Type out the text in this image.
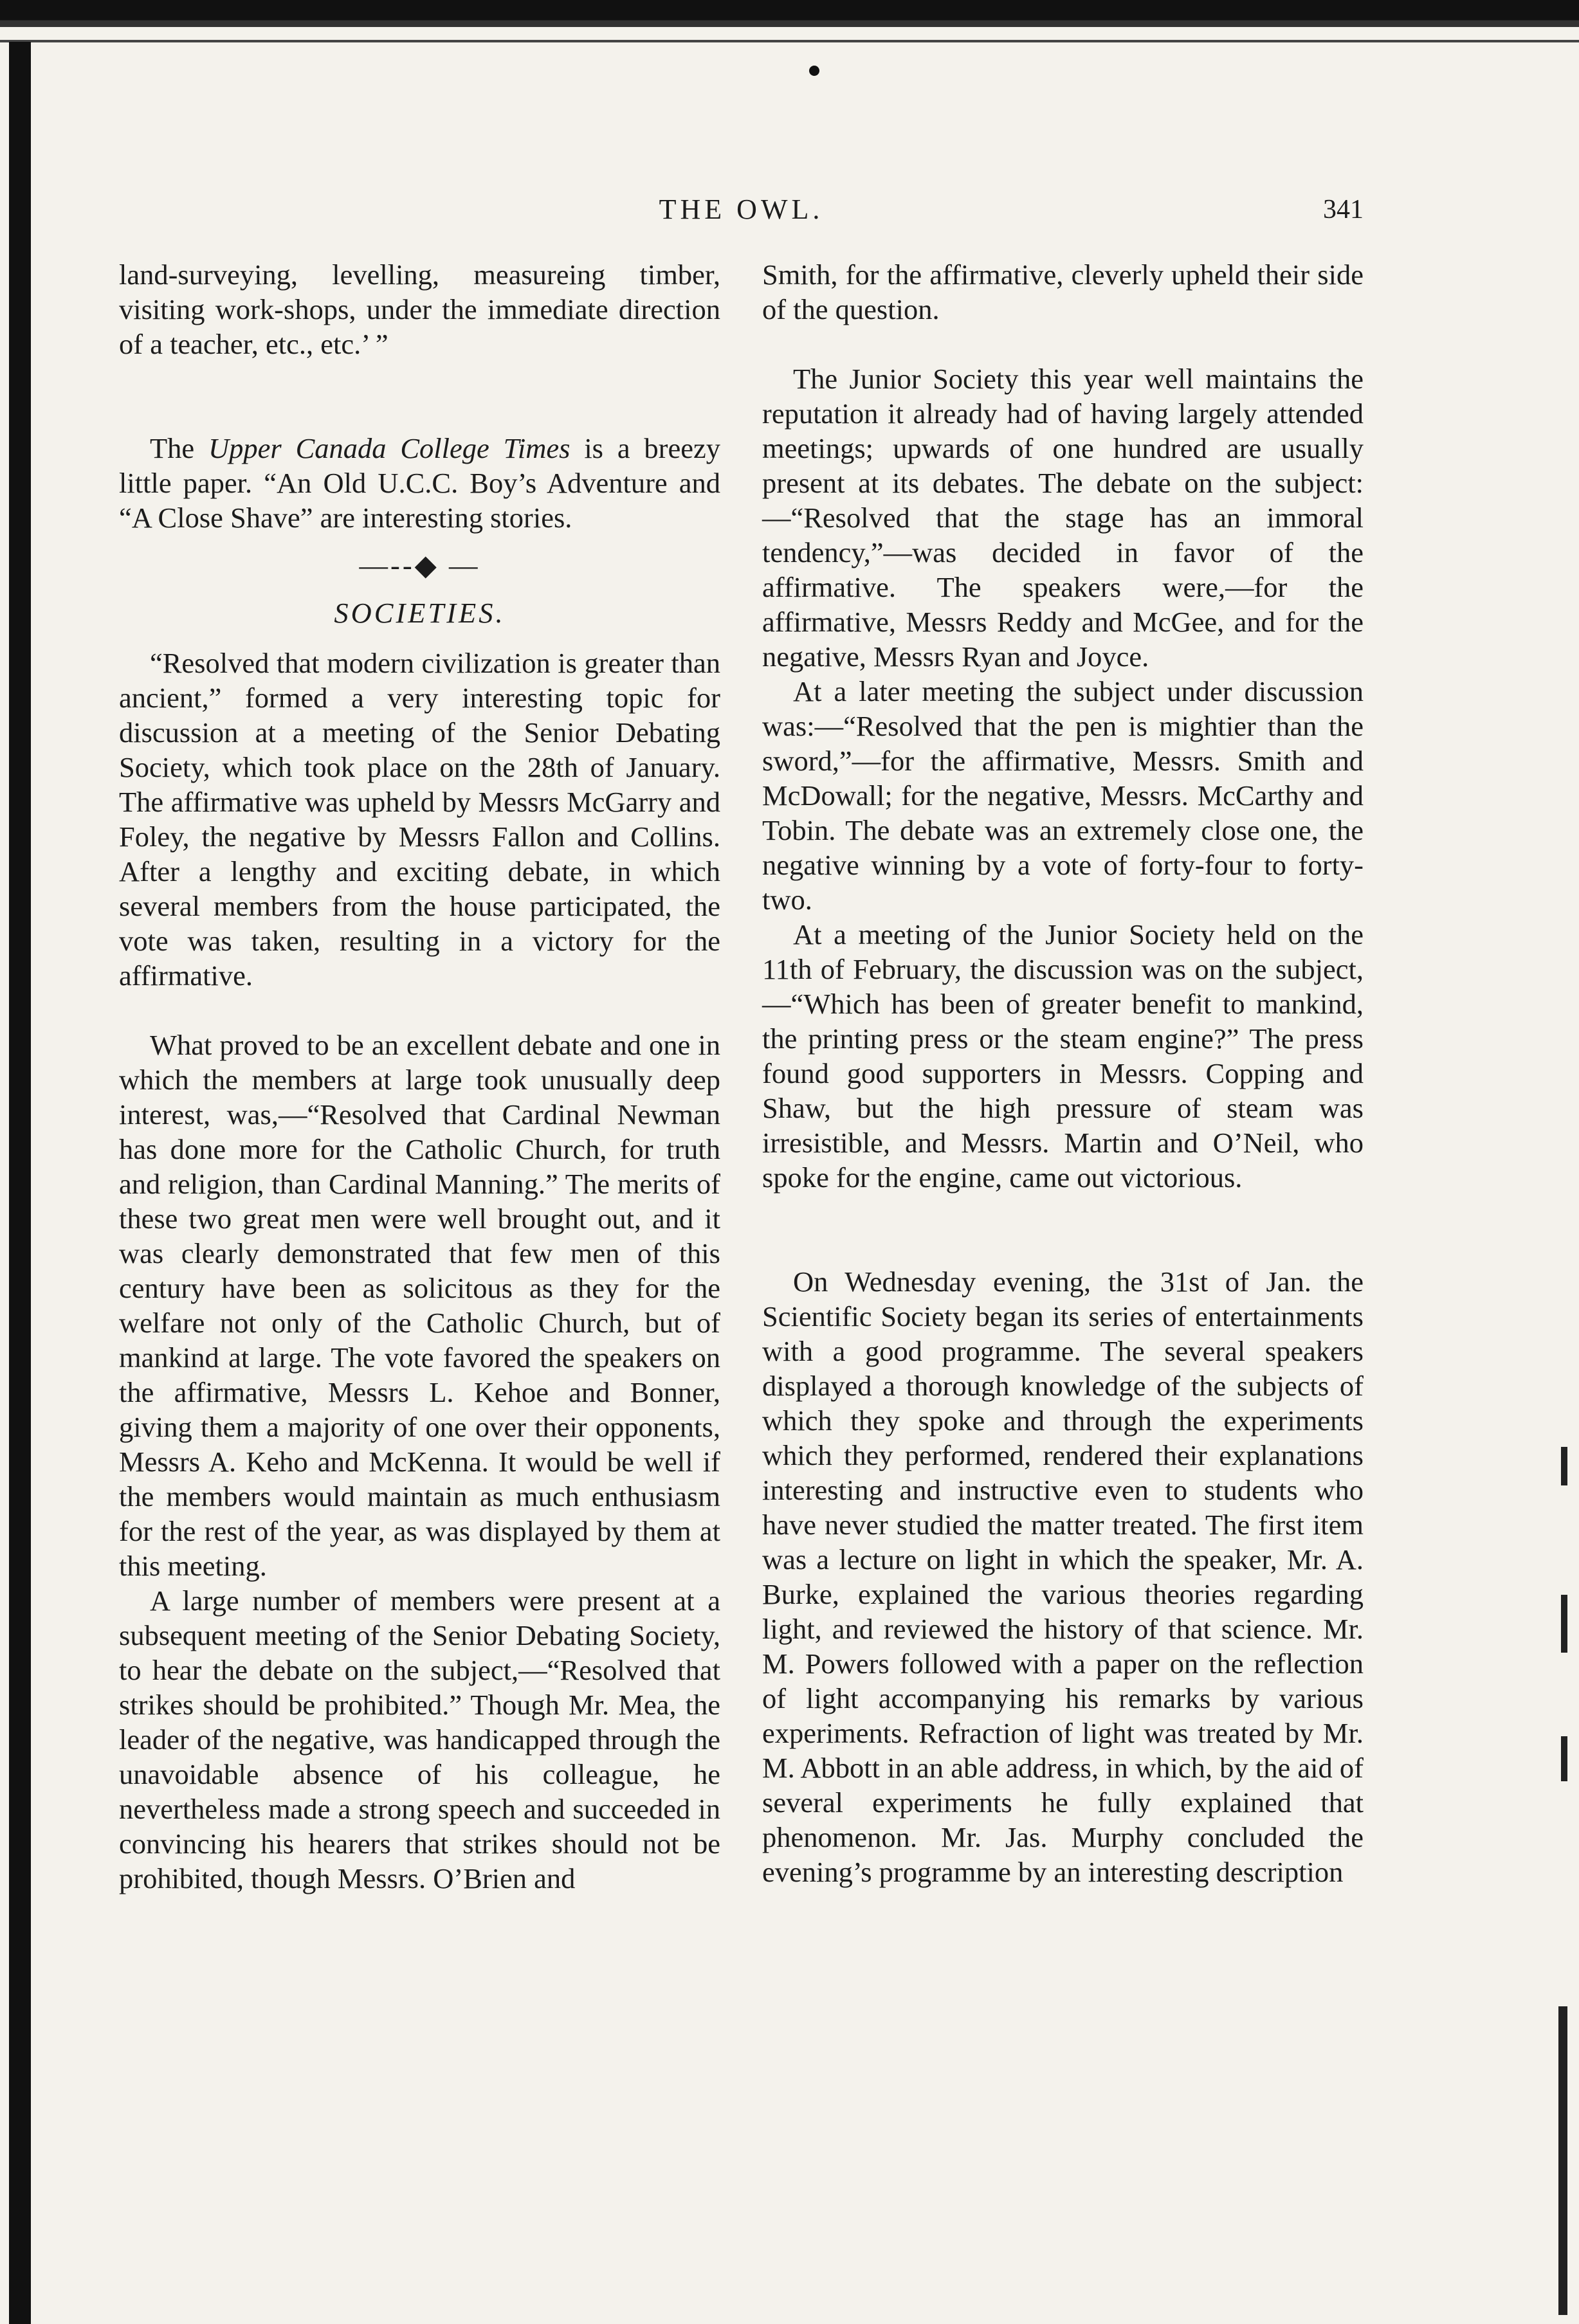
THE OWL.	341

land-surveying, levelling, measureing timber, visiting work-shops, under the immediate direction of a teacher, etc., etc.’ ”

The Upper Canada College Times is a breezy little paper. “An Old U.C.C. Boy’s Adventure and “A Close Shave” are interesting stories.

—--◆ —
SOCIETIES.

“Resolved that modern civilization is greater than ancient,” formed a very interesting topic for discussion at a meeting of the Senior Debating Society, which took place on the 28th of January. The affirmative was upheld by Messrs McGarry and Foley, the negative by Messrs Fallon and Collins. After a lengthy and exciting debate, in which several members from the house participated, the vote was taken, resulting in a victory for the affirmative.

What proved to be an excellent debate and one in which the members at large took unusually deep interest, was,—“Resolved that Cardinal Newman has done more for the Catholic Church, for truth and religion, than Cardinal Manning.” The merits of these two great men were well brought out, and it was clearly demonstrated that few men of this century have been as solicitous as they for the welfare not only of the Catholic Church, but of mankind at large. The vote favored the speakers on the affirmative, Messrs L. Kehoe and Bonner, giving them a majority of one over their opponents, Messrs A. Keho and McKenna. It would be well if the members would maintain as much enthusiasm for the rest of the year, as was displayed by them at this meeting.

A large number of members were present at a subsequent meeting of the Senior Debating Society, to hear the debate on the subject,—“Resolved that strikes should be prohibited.” Though Mr. Mea, the leader of the negative, was handicapped through the unavoidable absence of his colleague, he nevertheless made a strong speech and succeeded in convincing his hearers that strikes should not be prohibited, though Messrs. O’Brien and

Smith, for the affirmative, cleverly upheld their side of the question.

The Junior Society this year well maintains the reputation it already had of having largely attended meetings; upwards of one hundred are usually present at its debates. The debate on the subject: —“Resolved that the stage has an immoral tendency,”—was decided in favor of the affirmative. The speakers were,—for the affirmative, Messrs Reddy and McGee, and for the negative, Messrs Ryan and Joyce.

At a later meeting the subject under discussion was:—“Resolved that the pen is mightier than the sword,”—for the affirmative, Messrs. Smith and McDowall; for the negative, Messrs. McCarthy and Tobin. The debate was an extremely close one, the negative winning by a vote of forty-four to forty-two.

At a meeting of the Junior Society held on the 11th of February, the discussion was on the subject,—“Which has been of greater benefit to mankind, the printing press or the steam engine?” The press found good supporters in Messrs. Copping and Shaw, but the high pressure of steam was irresistible, and Messrs. Martin and O’Neil, who spoke for the engine, came out victorious.

On Wednesday evening, the 31st of Jan. the Scientific Society began its series of entertainments with a good programme. The several speakers displayed a thorough knowledge of the subjects of which they spoke and through the experiments which they performed, rendered their explanations interesting and instructive even to students who have never studied the matter treated. The first item was a lecture on light in which the speaker, Mr. A. Burke, explained the various theories regarding light, and reviewed the history of that science. Mr. M. Powers followed with a paper on the reflection of light accompanying his remarks by various experiments. Refraction of light was treated by Mr. M. Abbott in an able address, in which, by the aid of several experiments he fully explained that phenomenon. Mr. Jas. Murphy concluded the evening’s programme by an interesting description
